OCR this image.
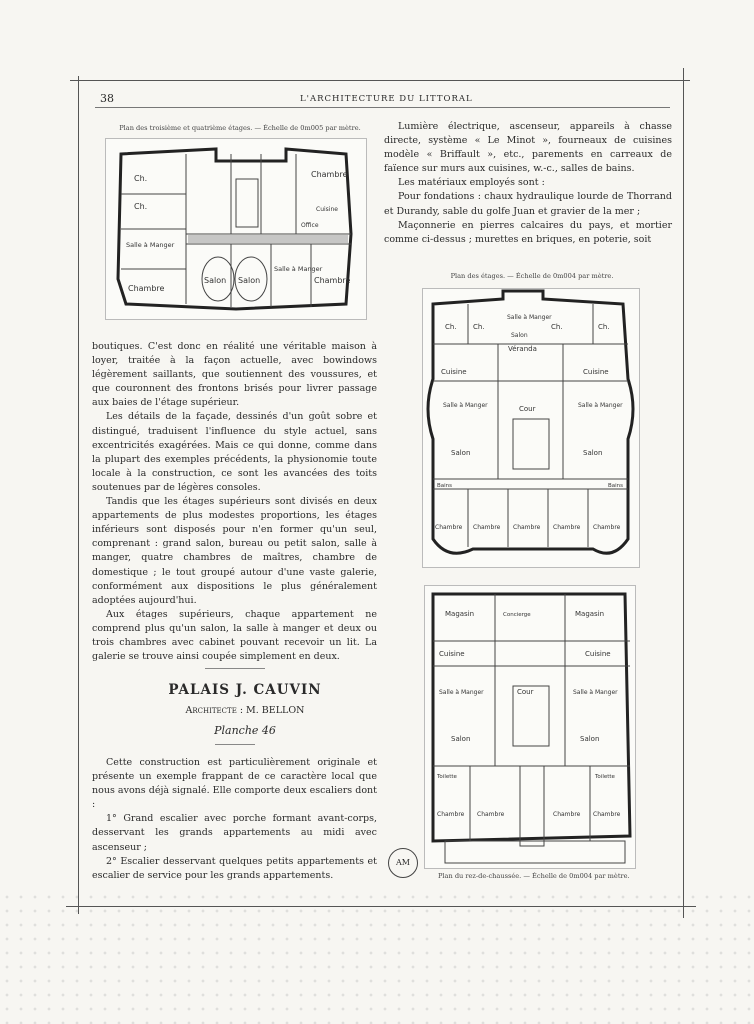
38	L'ARCHITECTURE DU LITTORAL
Plan des troisième et quatrième étages. — Échelle de 0m005 par mètre.
Ch.
Ch.
Chambre
Salle à Manger
Chambre
Salon Salon
Salle à Manger
Chambre
Office
Cuisine

Lumière électrique, ascenseur, appareils à chasse directe, système « Le Minot », fourneaux de cuisines modèle « Briffault », etc., parements en carreaux de faïence sur murs aux cuisines, w.-c., salles de bains.

Les matériaux employés sont :

Pour fondations : chaux hydraulique lourde de Thorrand et Durandy, sable du golfe Juan et gravier de la mer ;

Maçonnerie en pierres calcaires du pays, et mortier comme ci-dessus ; murettes en briques, en poterie, soit

Plan des étages. — Échelle de 0m004 par mètre.
Salle à Manger
Salon
Ch. Ch.	Ch.	Ch.
Véranda
Cuisine	Cuisine
Cour
Salle à Manger	Salle à Manger
Salon	Salon
Bains	Bains
Chambre Chambre Chambre Chambre Chambre
Magasin	Concierge	Magasin
Cuisine	Cuisine
Cour
Salle à Manger	Salle à Manger
Salon	Salon
Toilette	Toilette
Chambre Chambre	Chambre Chambre
Plan du rez-de-chaussée. — Échelle de 0m004 par mètre.

boutiques. C'est donc en réalité une véritable maison à loyer, traitée à la façon actuelle, avec bowindows légèrement saillants, que soutiennent des voussures, et que couronnent des frontons brisés pour livrer passage aux baies de l'étage supérieur.

Les détails de la façade, dessinés d'un goût sobre et distingué, traduisent l'influence du style actuel, sans excentricités exagérées. Mais ce qui donne, comme dans la plupart des exemples précédents, la physionomie toute locale à la construction, ce sont les avancées des toits soutenues par de légères consoles.

Tandis que les étages supérieurs sont divisés en deux appartements de plus modestes proportions, les étages inférieurs sont disposés pour n'en former qu'un seul, comprenant : grand salon, bureau ou petit salon, salle à manger, quatre chambres de maîtres, chambre de domestique ; le tout groupé autour d'une vaste galerie, conformément aux dispositions le plus généralement adoptées aujourd'hui.

Aux étages supérieurs, chaque appartement ne comprend plus qu'un salon, la salle à manger et deux ou trois chambres avec cabinet pouvant recevoir un lit. La galerie se trouve ainsi coupée simplement en deux.

PALAIS J. CAUVIN
Architecte : M. BELLON
Planche 46

Cette construction est particulièrement originale et présente un exemple frappant de ce caractère local que nous avons déjà signalé. Elle comporte deux escaliers dont :

1° Grand escalier avec porche formant avant-corps, desservant les grands appartements au midi avec ascenseur ;

2° Escalier desservant quelques petits appartements et escalier de service pour les grands appartements.

AM
